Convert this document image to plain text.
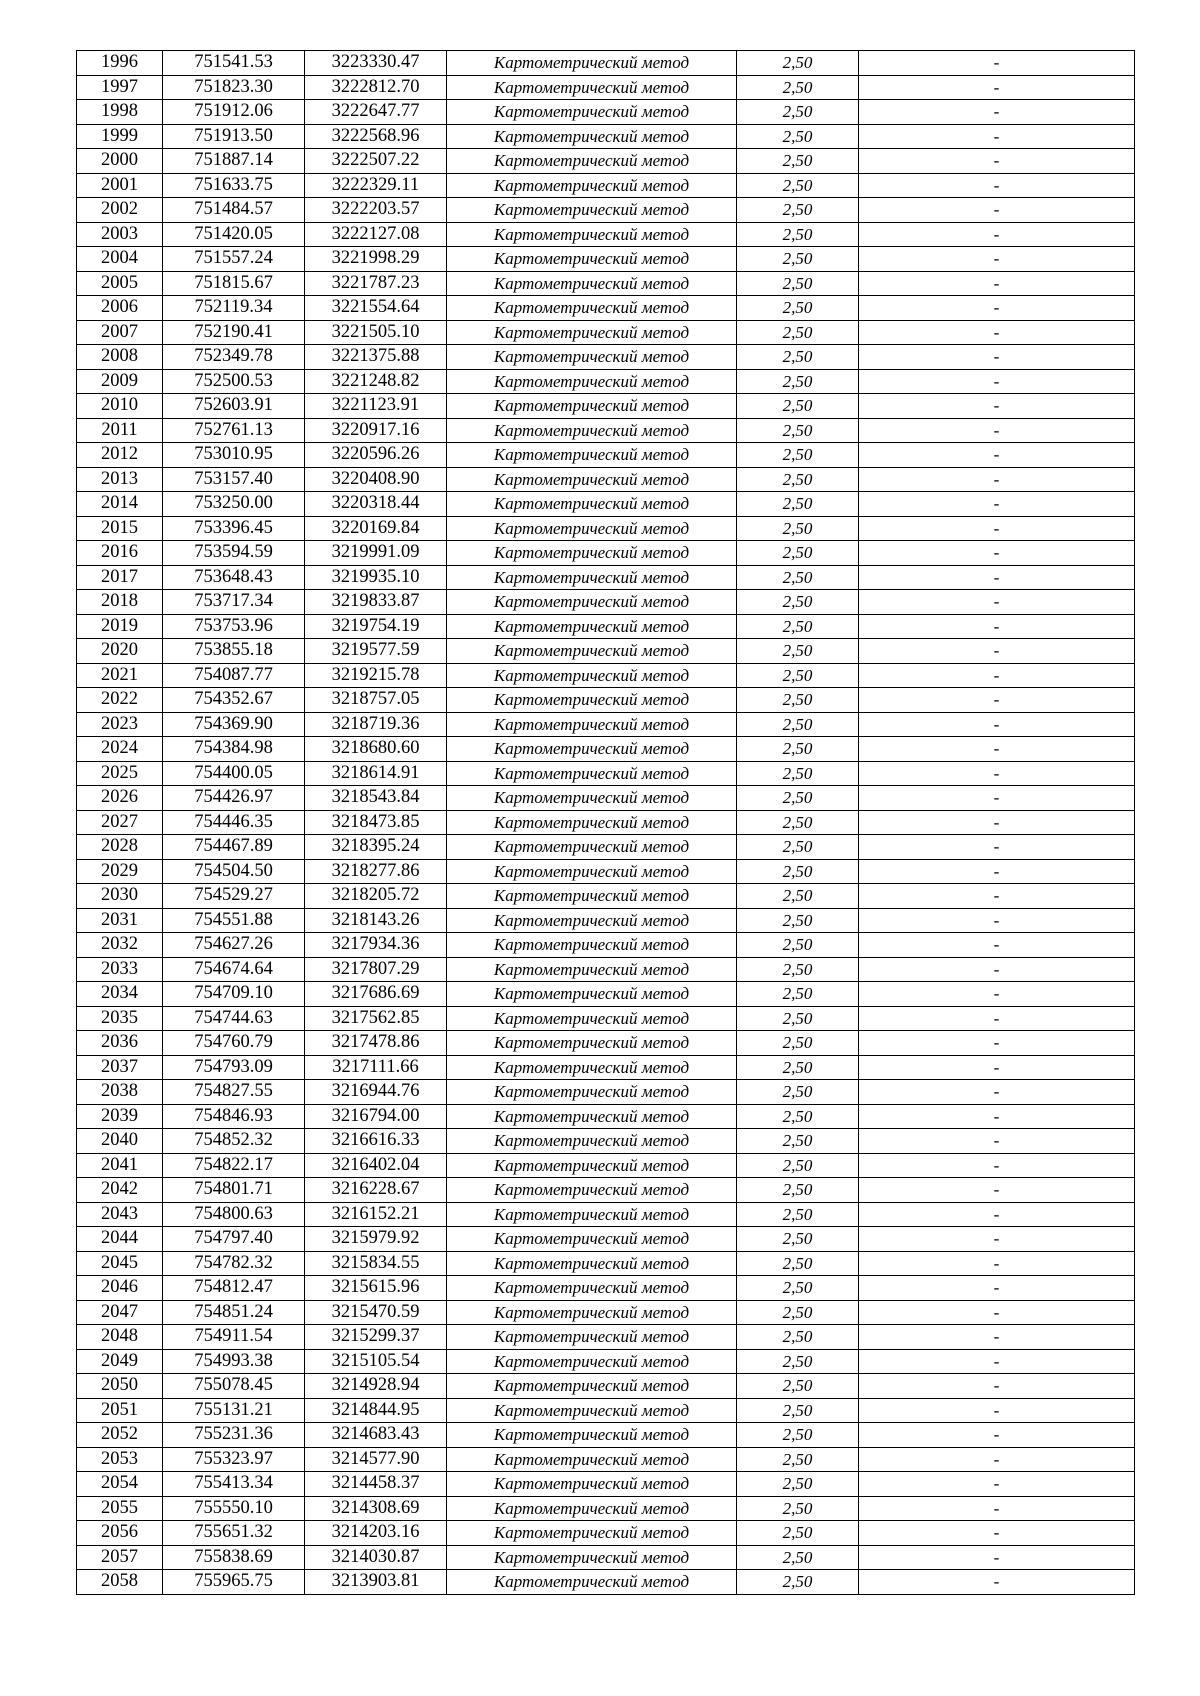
1996	751541.53	3223330.47	Картометрический метод	2,50	-
1997	751823.30	3222812.70	Картометрический метод	2,50	-
1998	751912.06	3222647.77	Картометрический метод	2,50	-
1999	751913.50	3222568.96	Картометрический метод	2,50	-
2000	751887.14	3222507.22	Картометрический метод	2,50	-
2001	751633.75	3222329.11	Картометрический метод	2,50	-
2002	751484.57	3222203.57	Картометрический метод	2,50	-
2003	751420.05	3222127.08	Картометрический метод	2,50	-
2004	751557.24	3221998.29	Картометрический метод	2,50	-
2005	751815.67	3221787.23	Картометрический метод	2,50	-
2006	752119.34	3221554.64	Картометрический метод	2,50	-
2007	752190.41	3221505.10	Картометрический метод	2,50	-
2008	752349.78	3221375.88	Картометрический метод	2,50	-
2009	752500.53	3221248.82	Картометрический метод	2,50	-
2010	752603.91	3221123.91	Картометрический метод	2,50	-
2011	752761.13	3220917.16	Картометрический метод	2,50	-
2012	753010.95	3220596.26	Картометрический метод	2,50	-
2013	753157.40	3220408.90	Картометрический метод	2,50	-
2014	753250.00	3220318.44	Картометрический метод	2,50	-
2015	753396.45	3220169.84	Картометрический метод	2,50	-
2016	753594.59	3219991.09	Картометрический метод	2,50	-
2017	753648.43	3219935.10	Картометрический метод	2,50	-
2018	753717.34	3219833.87	Картометрический метод	2,50	-
2019	753753.96	3219754.19	Картометрический метод	2,50	-
2020	753855.18	3219577.59	Картометрический метод	2,50	-
2021	754087.77	3219215.78	Картометрический метод	2,50	-
2022	754352.67	3218757.05	Картометрический метод	2,50	-
2023	754369.90	3218719.36	Картометрический метод	2,50	-
2024	754384.98	3218680.60	Картометрический метод	2,50	-
2025	754400.05	3218614.91	Картометрический метод	2,50	-
2026	754426.97	3218543.84	Картометрический метод	2,50	-
2027	754446.35	3218473.85	Картометрический метод	2,50	-
2028	754467.89	3218395.24	Картометрический метод	2,50	-
2029	754504.50	3218277.86	Картометрический метод	2,50	-
2030	754529.27	3218205.72	Картометрический метод	2,50	-
2031	754551.88	3218143.26	Картометрический метод	2,50	-
2032	754627.26	3217934.36	Картометрический метод	2,50	-
2033	754674.64	3217807.29	Картометрический метод	2,50	-
2034	754709.10	3217686.69	Картометрический метод	2,50	-
2035	754744.63	3217562.85	Картометрический метод	2,50	-
2036	754760.79	3217478.86	Картометрический метод	2,50	-
2037	754793.09	3217111.66	Картометрический метод	2,50	-
2038	754827.55	3216944.76	Картометрический метод	2,50	-
2039	754846.93	3216794.00	Картометрический метод	2,50	-
2040	754852.32	3216616.33	Картометрический метод	2,50	-
2041	754822.17	3216402.04	Картометрический метод	2,50	-
2042	754801.71	3216228.67	Картометрический метод	2,50	-
2043	754800.63	3216152.21	Картометрический метод	2,50	-
2044	754797.40	3215979.92	Картометрический метод	2,50	-
2045	754782.32	3215834.55	Картометрический метод	2,50	-
2046	754812.47	3215615.96	Картометрический метод	2,50	-
2047	754851.24	3215470.59	Картометрический метод	2,50	-
2048	754911.54	3215299.37	Картометрический метод	2,50	-
2049	754993.38	3215105.54	Картометрический метод	2,50	-
2050	755078.45	3214928.94	Картометрический метод	2,50	-
2051	755131.21	3214844.95	Картометрический метод	2,50	-
2052	755231.36	3214683.43	Картометрический метод	2,50	-
2053	755323.97	3214577.90	Картометрический метод	2,50	-
2054	755413.34	3214458.37	Картометрический метод	2,50	-
2055	755550.10	3214308.69	Картометрический метод	2,50	-
2056	755651.32	3214203.16	Картометрический метод	2,50	-
2057	755838.69	3214030.87	Картометрический метод	2,50	-
2058	755965.75	3213903.81	Картометрический метод	2,50	-
